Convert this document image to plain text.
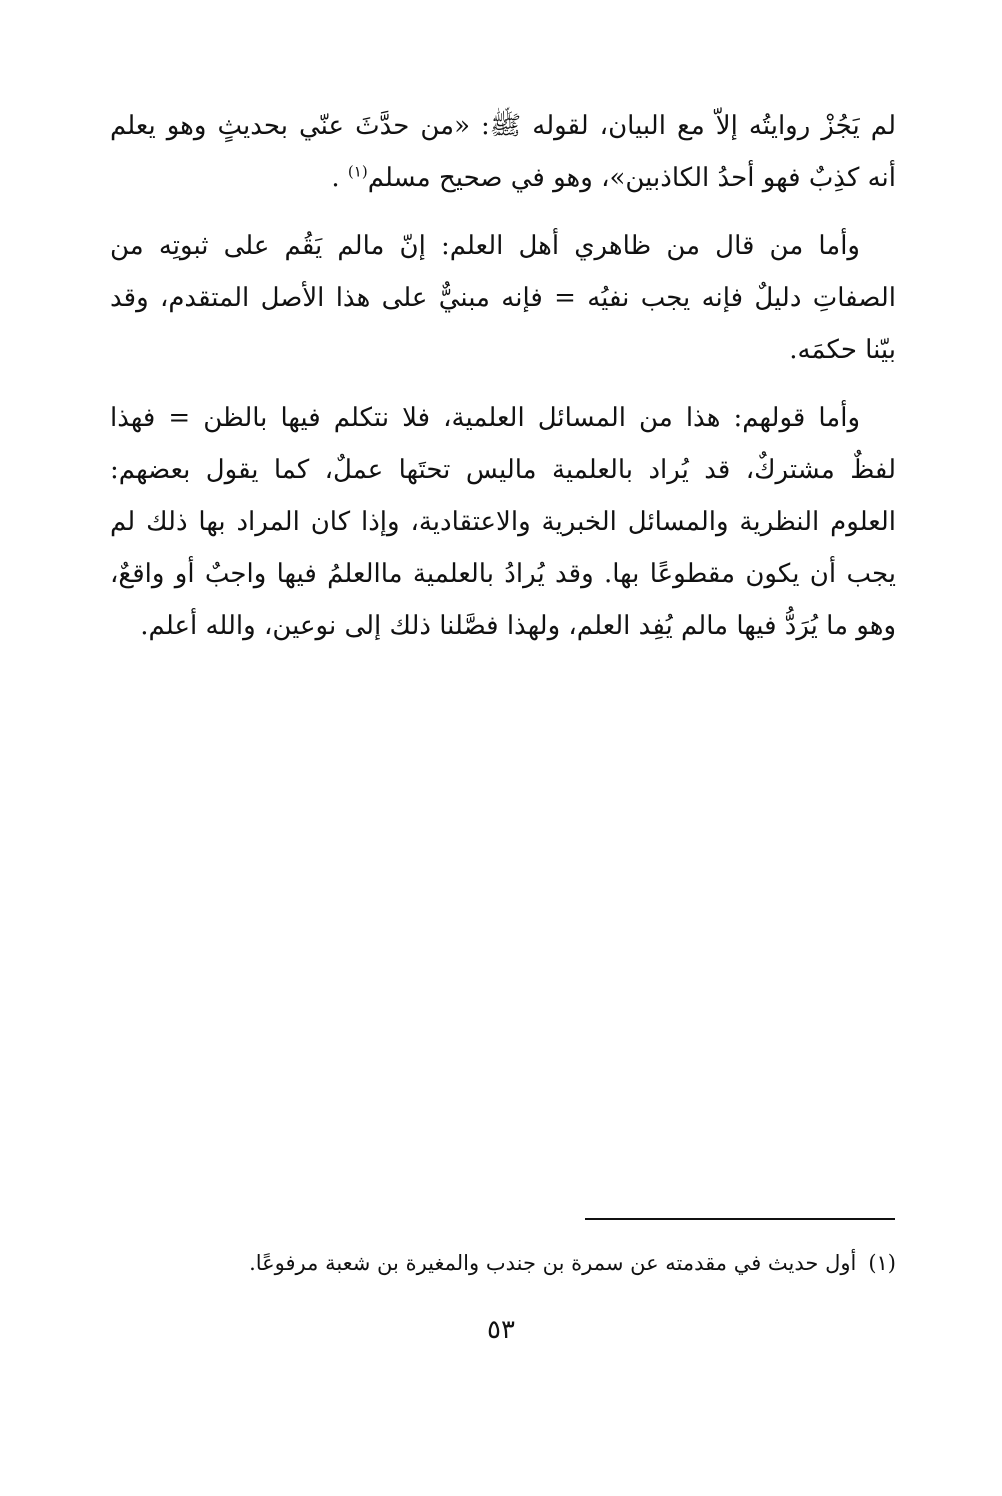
لم يَجُزْ روايتُه إلاّ مع البيان، لقوله ﷺ: «من حدَّثَ عنّي بحديثٍ وهو يعلم أنه كذِبٌ فهو أحدُ الكاذبين»، وهو في صحيح مسلم$^{(١)}$ .

وأما من قال من ظاهري أهل العلم: إنّ مالم يَقُم على ثبوتِه من الصفاتِ دليلٌ فإنه يجب نفيُه = فإنه مبنيٌّ على هذا الأصل المتقدم، وقد بيّنا حكمَه.

وأما قولهم: هذا من المسائل العلمية، فلا نتكلم فيها بالظن = فهذا لفظٌ مشتركٌ، قد يُراد بالعلمية ماليس تحتَها عملٌ، كما يقول بعضهم: العلوم النظرية والمسائل الخبرية والاعتقادية، وإذا كان المراد بها ذلك لم يجب أن يكون مقطوعًا بها. وقد يُرادُ بالعلمية ماالعلمُ فيها واجبٌ أو واقعٌ، وهو ما يُرَدُّ فيها مالم يُفِد العلم، ولهذا فصَّلنا ذلك إلى نوعين، والله أعلم.

(١)أول حديث في مقدمته عن سمرة بن جندب والمغيرة بن شعبة مرفوعًا.
٥٣
